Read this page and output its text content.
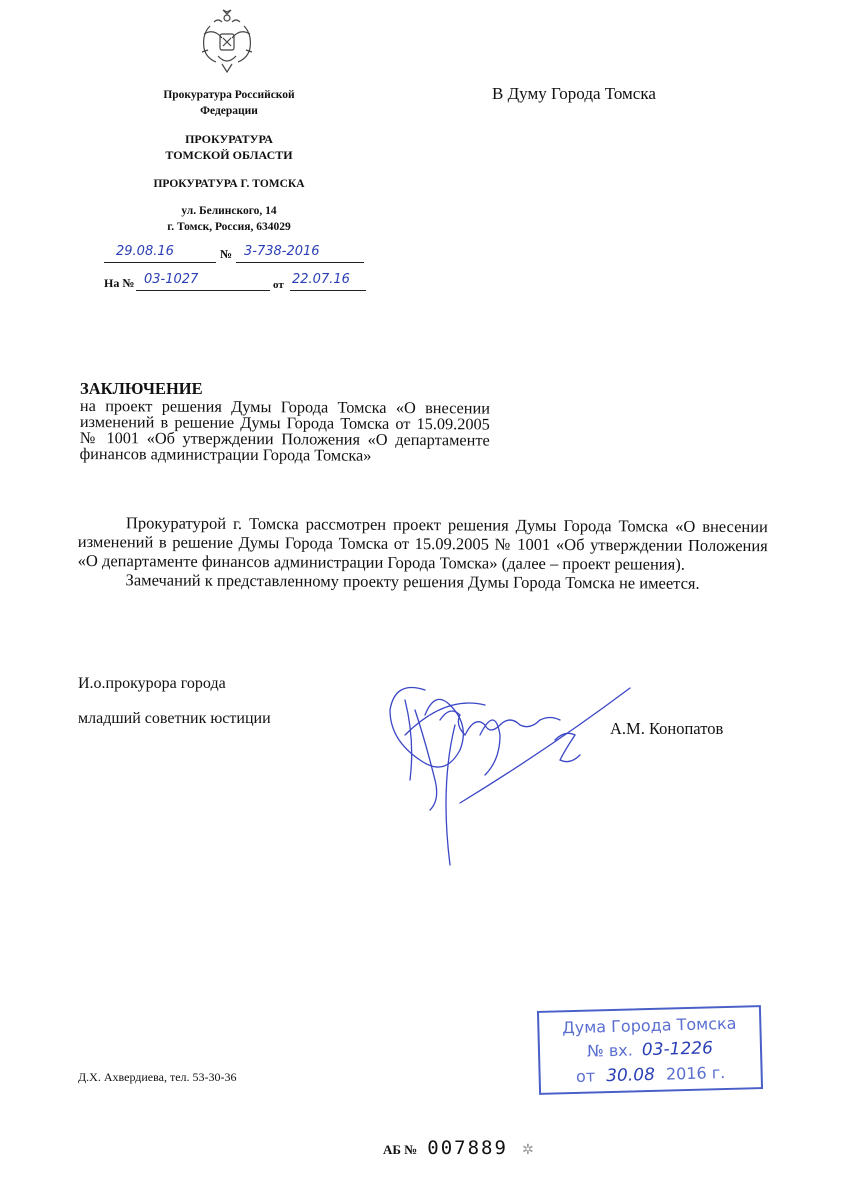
Прокуратура Российской
Федерации
ПРОКУРАТУРА
ТОМСКОЙ ОБЛАСТИ
ПРОКУРАТУРА Г. ТОМСКА
ул. Белинского, 14
г. Томск, Россия, 634029
29.08.16	№ 3-738-2016
На № 03-1027	от 22.07.16
В Думу Города Томска
ЗАКЛЮЧЕНИЕ
на проект решения Думы Города Томска «О внесении изменений в решение Думы Города Томска от 15.09.2005 № 1001 «Об утверждении Положения «О департаменте финансов администрации Города Томска»

Прокуратурой г. Томска рассмотрен проект решения Думы Города Томска «О внесении изменений в решение Думы Города Томска от 15.09.2005 № 1001 «Об утверждении Положения «О департаменте финансов администрации Города Томска» (далее – проект решения).

Замечаний к представленному проекту решения Думы Города Томска не имеется.

И.о.прокурора города
младший советник юстиции
А.М. Конопатов
Д.Х. Ахвердиева, тел. 53-30-36
Дума Города Томска
№ вх. 03-1226
от 30.08 2016 г.
АБ № 007889 ✲
